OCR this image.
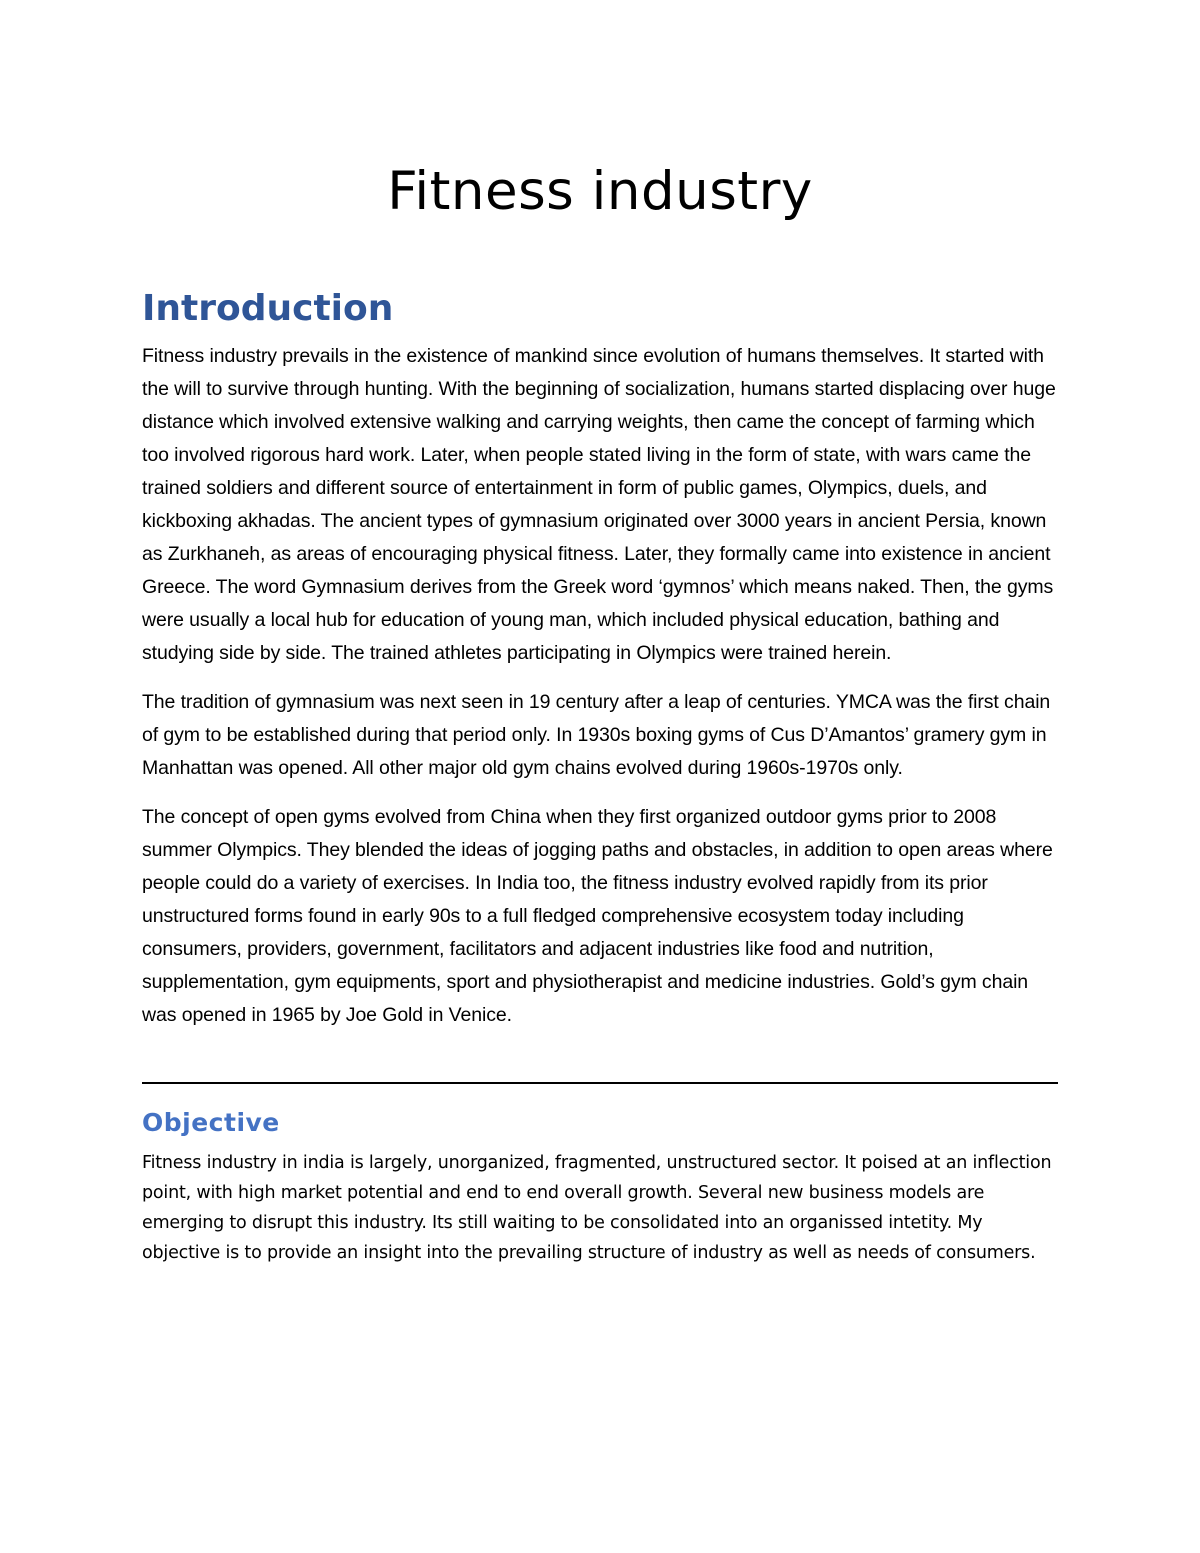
Fitness industry
Introduction

Fitness industry prevails in the existence of mankind since evolution of humans themselves. It started with the will to survive through hunting. With the beginning of socialization, humans started displacing over huge distance which involved extensive walking and carrying weights, then came the concept of farming which too involved rigorous hard work. Later, when people stated living in the form of state, with wars came the trained soldiers and different source of entertainment in form of public games, Olympics, duels, and kickboxing akhadas. The ancient types of gymnasium originated over 3000 years in ancient Persia, known as Zurkhaneh, as areas of encouraging physical fitness. Later, they formally came into existence in ancient Greece. The word Gymnasium derives from the Greek word ‘gymnos’ which means naked. Then, the gyms were usually a local hub for education of young man, which included physical education, bathing and studying side by side. The trained athletes participating in Olympics were trained herein.

The tradition of gymnasium was next seen in 19 century after a leap of centuries. YMCA was the first chain of gym to be established during that period only. In 1930s boxing gyms of Cus D’Amantos’ gramery gym in Manhattan was opened. All other major old gym chains evolved during 1960s-1970s only.

The concept of open gyms evolved from China when they first organized outdoor gyms prior to 2008 summer Olympics. They blended the ideas of jogging paths and obstacles, in addition to open areas where people could do a variety of exercises. In India too, the fitness industry evolved rapidly from its prior unstructured forms found in early 90s to a full fledged comprehensive ecosystem today including consumers, providers, government, facilitators and adjacent industries like food and nutrition, supplementation, gym equipments, sport and physiotherapist and medicine industries. Gold’s gym chain was opened in 1965 by Joe Gold in Venice.

Objective

Fitness industry in india is largely, unorganized, fragmented, unstructured sector. It poised at an inflection point, with high market potential and end to end overall growth. Several new business models are emerging to disrupt this industry. Its still waiting to be consolidated into an organissed intetity. My objective is to provide an insight into the prevailing structure of industry as well as needs of consumers.
